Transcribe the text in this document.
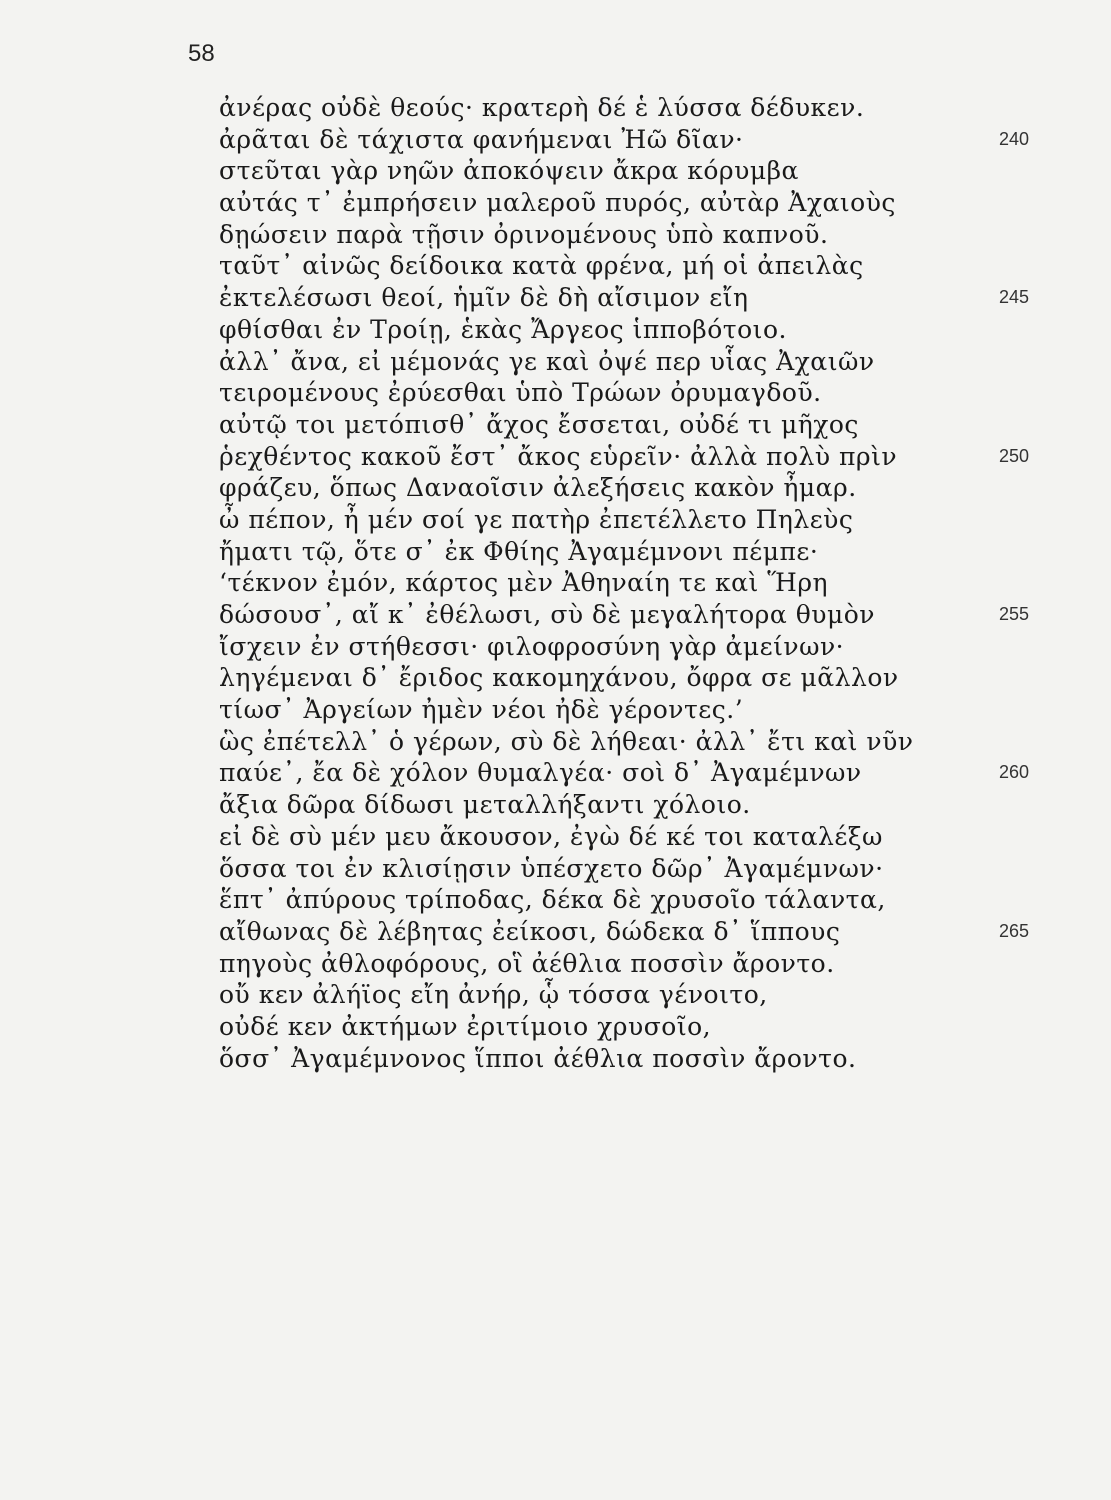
58
ἀνέρας οὐδὲ θεούς· κρατερὴ δέ ἑ λύσσα δέδυκεν.
ἀρᾶται δὲ τάχιστα φανήμεναι Ἠῶ δῖαν·	240
στεῦται γὰρ νηῶν ἀποκόψειν ἄκρα κόρυμβα
αὐτάς τ᾽ ἐμπρήσειν μαλεροῦ πυρός, αὐτὰρ Ἀχαιοὺς
δῃώσειν παρὰ τῇσιν ὀρινομένους ὑπὸ καπνοῦ.
ταῦτ᾽ αἰνῶς δείδοικα κατὰ φρένα, μή οἱ ἀπειλὰς
ἐκτελέσωσι θεοί, ἡμῖν δὲ δὴ αἴσιμον εἴη	245
φθίσθαι ἐν Τροίῃ, ἑκὰς Ἄργεος ἱπποβότοιο.
ἀλλ᾽ ἄνα, εἰ μέμονάς γε καὶ ὀψέ περ υἷας Ἀχαιῶν
τειρομένους ἐρύεσθαι ὑπὸ Τρώων ὀρυμαγδοῦ.
αὐτῷ τοι μετόπισθ᾽ ἄχος ἔσσεται, οὐδέ τι μῆχος
ῥεχθέντος κακοῦ ἔστ᾽ ἄκος εὑρεῖν· ἀλλὰ πολὺ πρὶν	250
φράζευ, ὅπως Δαναοῖσιν ἀλεξήσεις κακὸν ἦμαρ.
ὦ πέπον, ἦ μέν σοί γε πατὴρ ἐπετέλλετο Πηλεὺς
ἤματι τῷ, ὅτε σ᾽ ἐκ Φθίης Ἀγαμέμνονι πέμπε·
‘τέκνον ἐμόν, κάρτος μὲν Ἀθηναίη τε καὶ Ἥρη
δώσουσ᾽, αἴ κ᾽ ἐθέλωσι, σὺ δὲ μεγαλήτορα θυμὸν	255
ἴσχειν ἐν στήθεσσι· φιλοφροσύνη γὰρ ἀμείνων·
ληγέμεναι δ᾽ ἔριδος κακομηχάνου, ὄφρα σε μᾶλλον
τίωσ᾽ Ἀργείων ἠμὲν νέοι ἠδὲ γέροντες.’
ὣς ἐπέτελλ᾽ ὁ γέρων, σὺ δὲ λήθεαι· ἀλλ᾽ ἔτι καὶ νῦν
παύε᾽, ἔα δὲ χόλον θυμαλγέα· σοὶ δ᾽ Ἀγαμέμνων	260
ἄξια δῶρα δίδωσι μεταλλήξαντι χόλοιο.
εἰ δὲ σὺ μέν μευ ἄκουσον, ἐγὼ δέ κέ τοι καταλέξω
ὅσσα τοι ἐν κλισίῃσιν ὑπέσχετο δῶρ᾽ Ἀγαμέμνων·
ἕπτ᾽ ἀπύρους τρίποδας, δέκα δὲ χρυσοῖο τάλαντα,
αἴθωνας δὲ λέβητας ἐείκοσι, δώδεκα δ᾽ ἵππους	265
πηγοὺς ἀθλοφόρους, οἳ ἀέθλια ποσσὶν ἄροντο.
οὔ κεν ἀλήϊος εἴη ἀνήρ, ᾧ τόσσα γένοιτο,
οὐδέ κεν ἀκτήμων ἐριτίμοιο χρυσοῖο,
ὅσσ᾽ Ἀγαμέμνονος ἵπποι ἀέθλια ποσσὶν ἄροντο.
